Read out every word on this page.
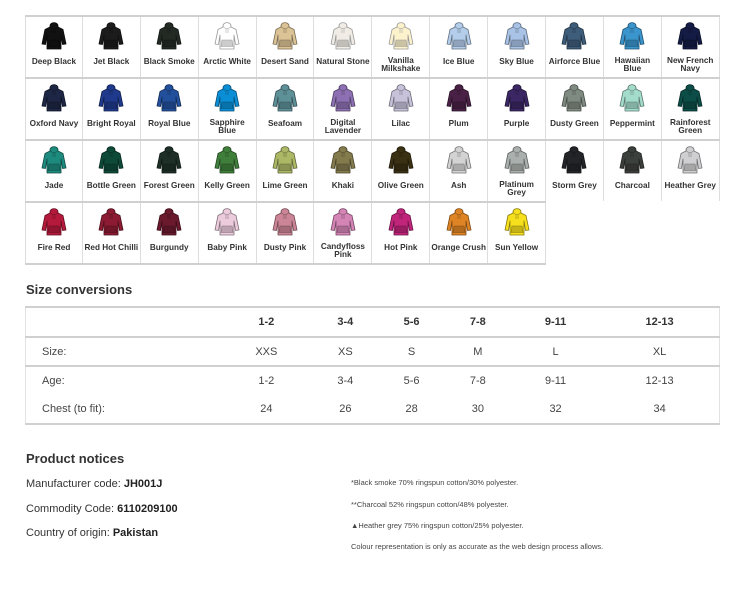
Deep Black	Jet Black	Black Smoke	Arctic White	Desert Sand Natural Stone	Vanilla Milkshake
Ice Blue	Sky Blue	Airforce Blue	Hawaiian Blue
New French Navy
Oxford Navy	Bright Royal	Royal Blue	Sapphire Blue
Seafoam	Digital Lavender
Lilac	Plum	Purple	Dusty Green	Peppermint	Rainforest Green
Jade	Bottle Green Forest Green	Kelly Green	Lime Green	Khaki	Olive Green	Ash	Platinum Grey
Storm Grey	Charcoal	Heather Grey
Fire Red	Red Hot Chilli	Burgundy	Baby Pink	Dusty Pink	Candyfloss Pink
Hot Pink	Orange Crush	Sun Yellow
Size conversions
	1-2	3-4	5-6	7-8	9-11	12-13
Size:	XXS	XS	S	M	L	XL
Age:	1-2	3-4	5-6	7-8	9-11	12-13
Chest (to fit):	24	26	28	30	32	34
Product notices
Manufacturer code: JH001J
Commodity Code: 6110209100
Country of origin: Pakistan
*Black smoke 70% ringspun cotton/30% polyester.
**Charcoal 52% ringspun cotton/48% polyester.
▲Heather grey 75% ringspun cotton/25% polyester.
Colour representation is only as accurate as the web design process allows.
